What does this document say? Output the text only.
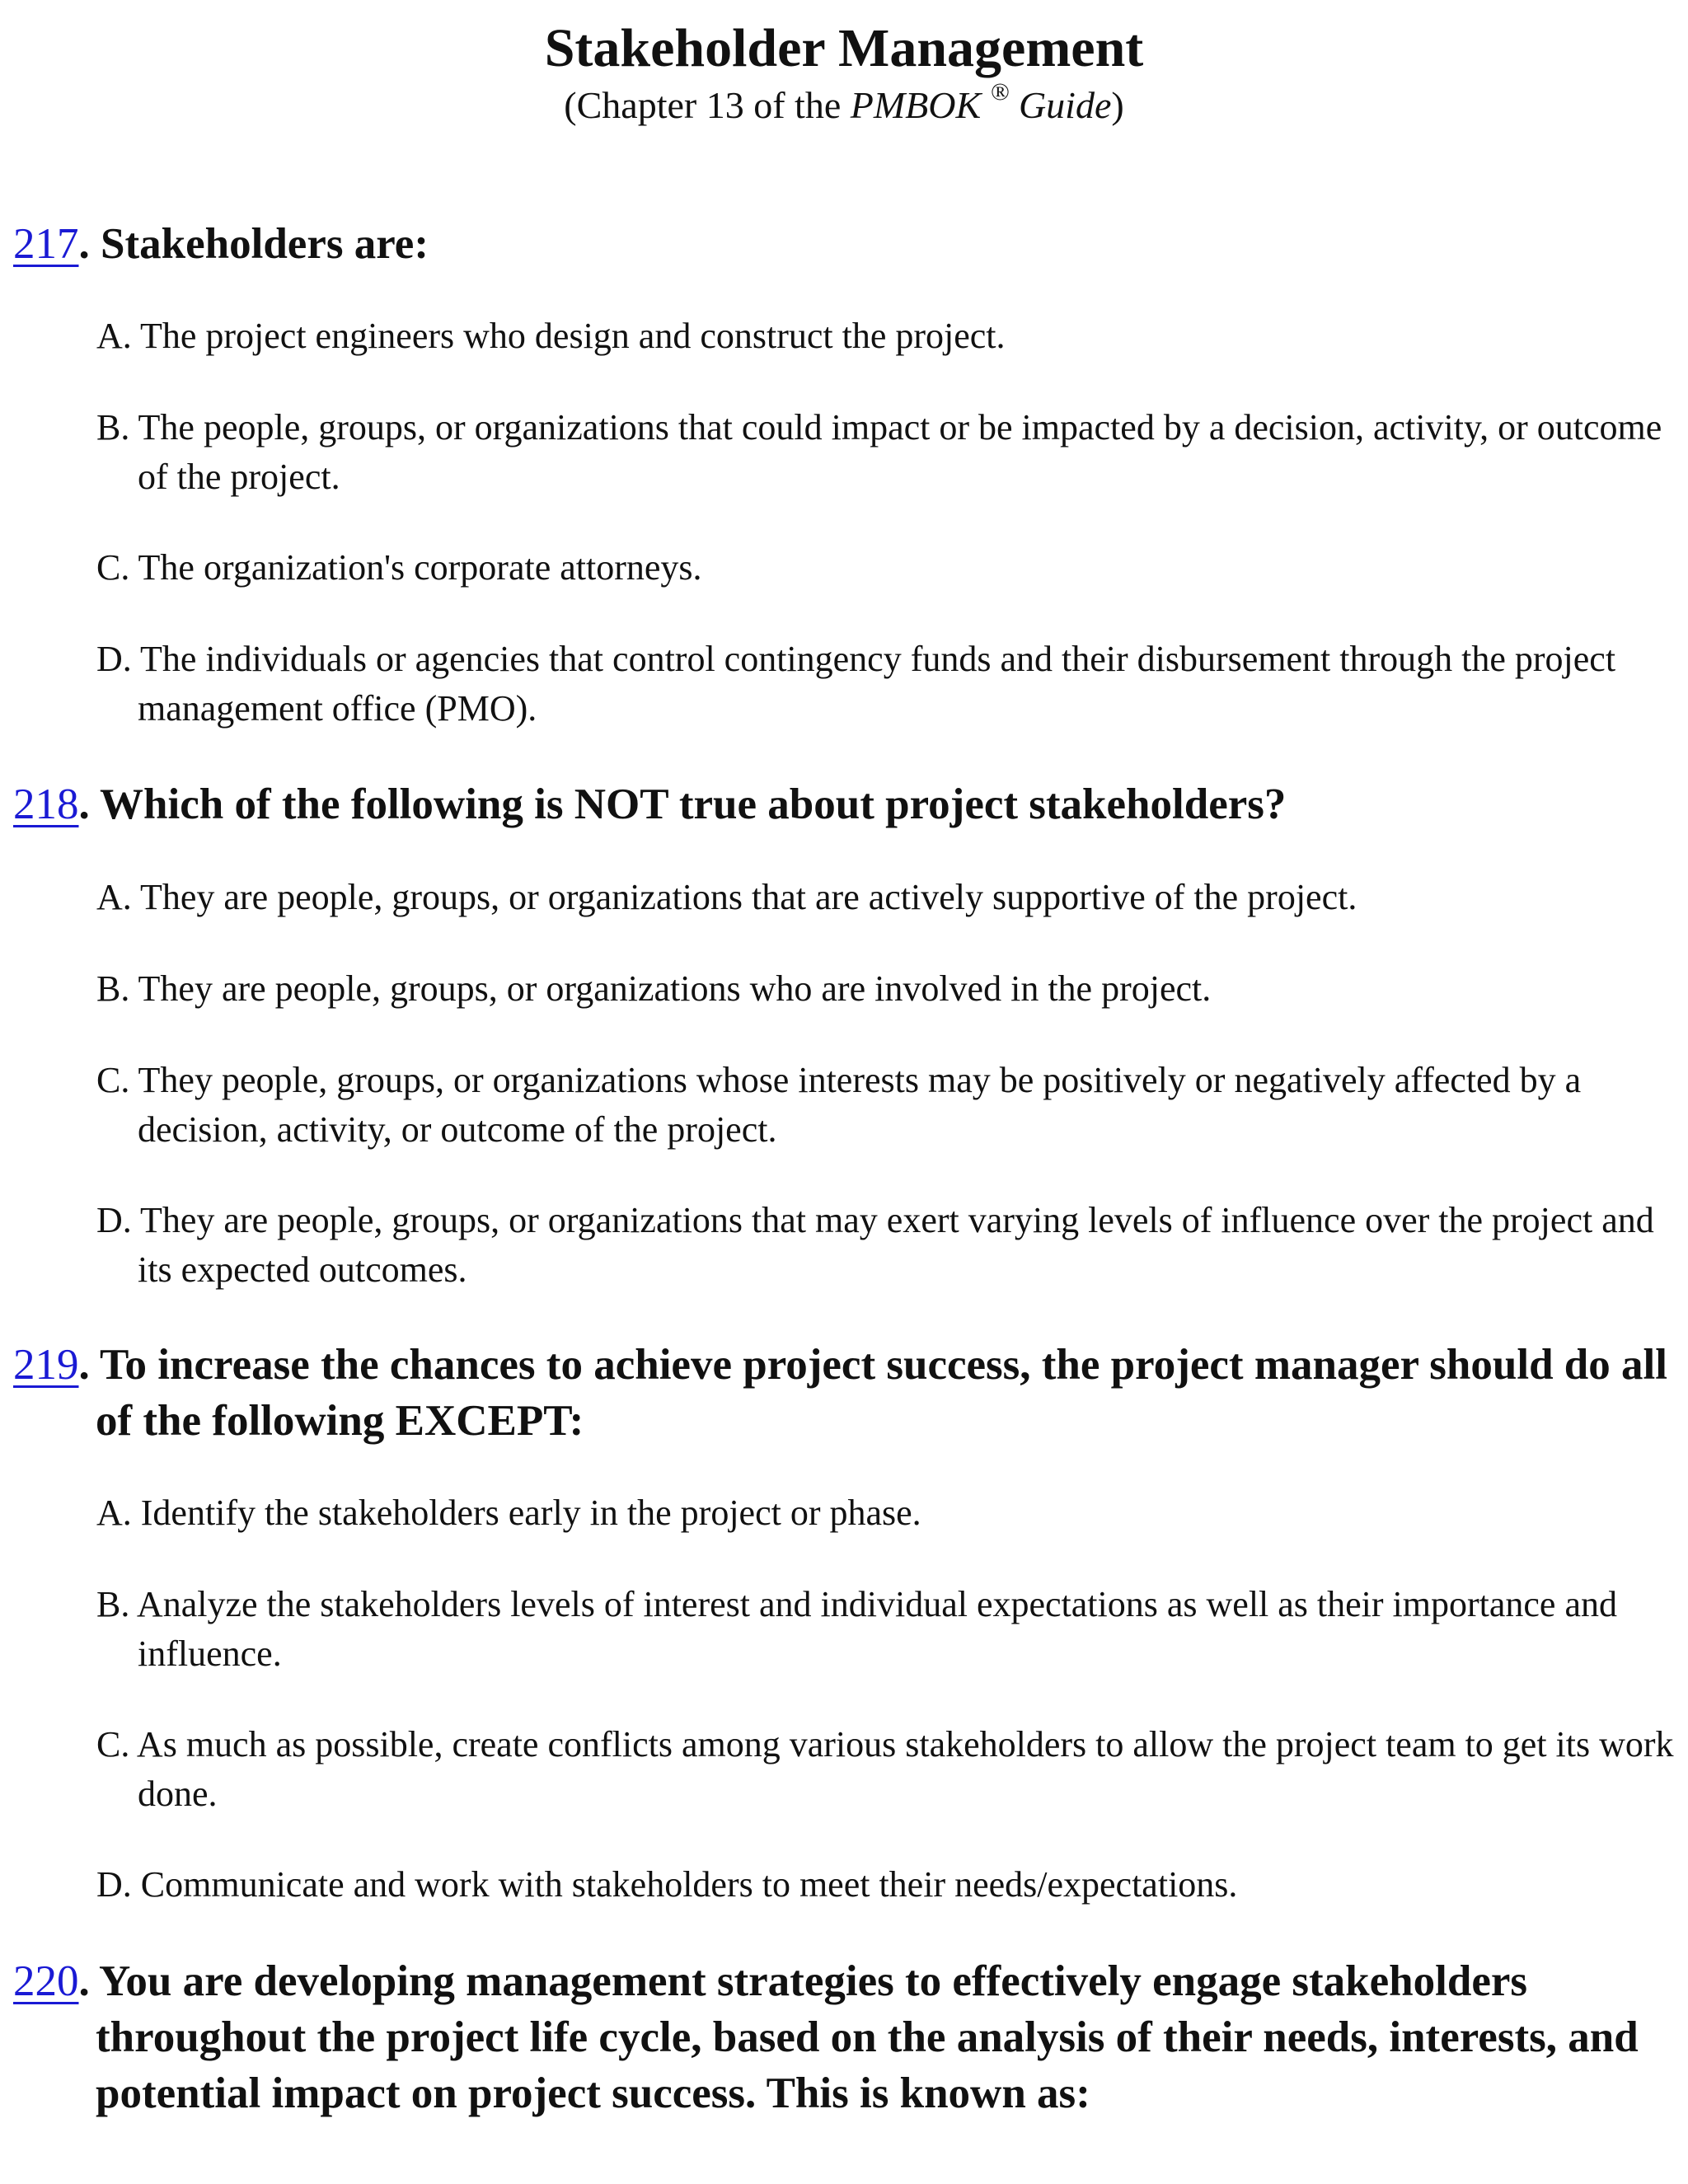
Stakeholder Management

(Chapter 13 of the PMBOK ® Guide)

217. Stakeholders are:
A. The project engineers who design and construct the project.
B. The people, groups, or organizations that could impact or be impacted by a decision, activity, or outcome of the project.
C. The organization's corporate attorneys.
D. The individuals or agencies that control contingency funds and their disbursement through the project management office (PMO).
218. Which of the following is NOT true about project stakeholders?
A. They are people, groups, or organizations that are actively supportive of the project.
B. They are people, groups, or organizations who are involved in the project.
C. They people, groups, or organizations whose interests may be positively or negatively affected by a decision, activity, or outcome of the project.
D. They are people, groups, or organizations that may exert varying levels of influence over the project and its expected outcomes.
219. To increase the chances to achieve project success, the project manager should do all of the following EXCEPT:
A. Identify the stakeholders early in the project or phase.
B. Analyze the stakeholders levels of interest and individual expectations as well as their importance and influence.
C. As much as possible, create conflicts among various stakeholders to allow the project team to get its work done.
D. Communicate and work with stakeholders to meet their needs/expectations.
220. You are developing management strategies to effectively engage stakeholders throughout the project life cycle, based on the analysis of their needs, interests, and potential impact on project success. This is known as:
